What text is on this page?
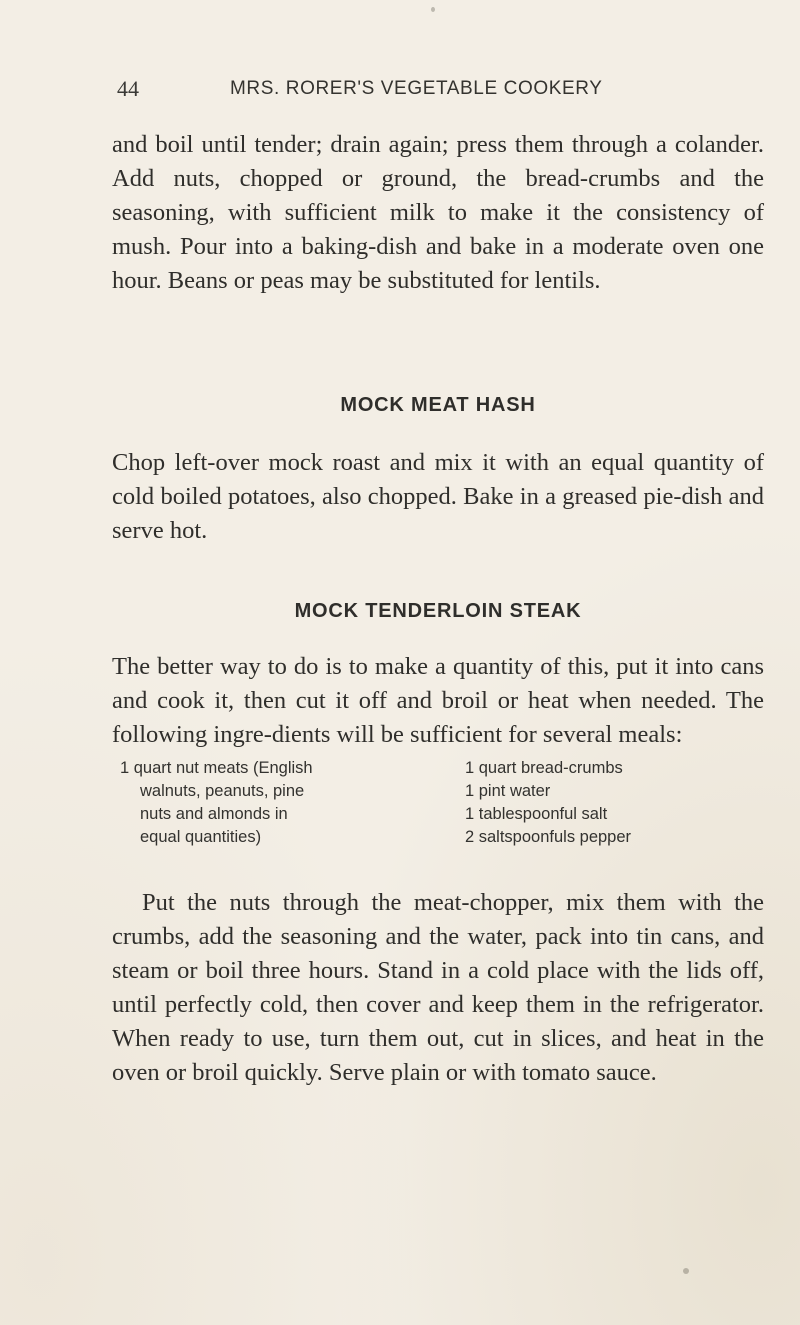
44	MRS. RORER'S VEGETABLE COOKERY

and boil until tender; drain again; press them through a colander. Add nuts, chopped or ground, the bread-crumbs and the seasoning, with sufficient milk to make it the consistency of mush. Pour into a baking-dish and bake in a moderate oven one hour. Beans or peas may be substituted for lentils.

MOCK MEAT HASH

Chop left-over mock roast and mix it with an equal quantity of cold boiled potatoes, also chopped. Bake in a greased pie-dish and serve hot.

MOCK TENDERLOIN STEAK

The better way to do is to make a quantity of this, put it into cans and cook it, then cut it off and broil or heat when needed. The following ingre-dients will be sufficient for several meals:

1 quart nut meats (English
walnuts, peanuts, pine
nuts and almonds in
equal quantities)
1 quart bread-crumbs
1 pint water
1 tablespoonful salt
2 saltspoonfuls pepper

Put the nuts through the meat-chopper, mix them with the crumbs, add the seasoning and the water, pack into tin cans, and steam or boil three hours. Stand in a cold place with the lids off, until perfectly cold, then cover and keep them in the refrigerator. When ready to use, turn them out, cut in slices, and heat in the oven or broil quickly. Serve plain or with tomato sauce.
